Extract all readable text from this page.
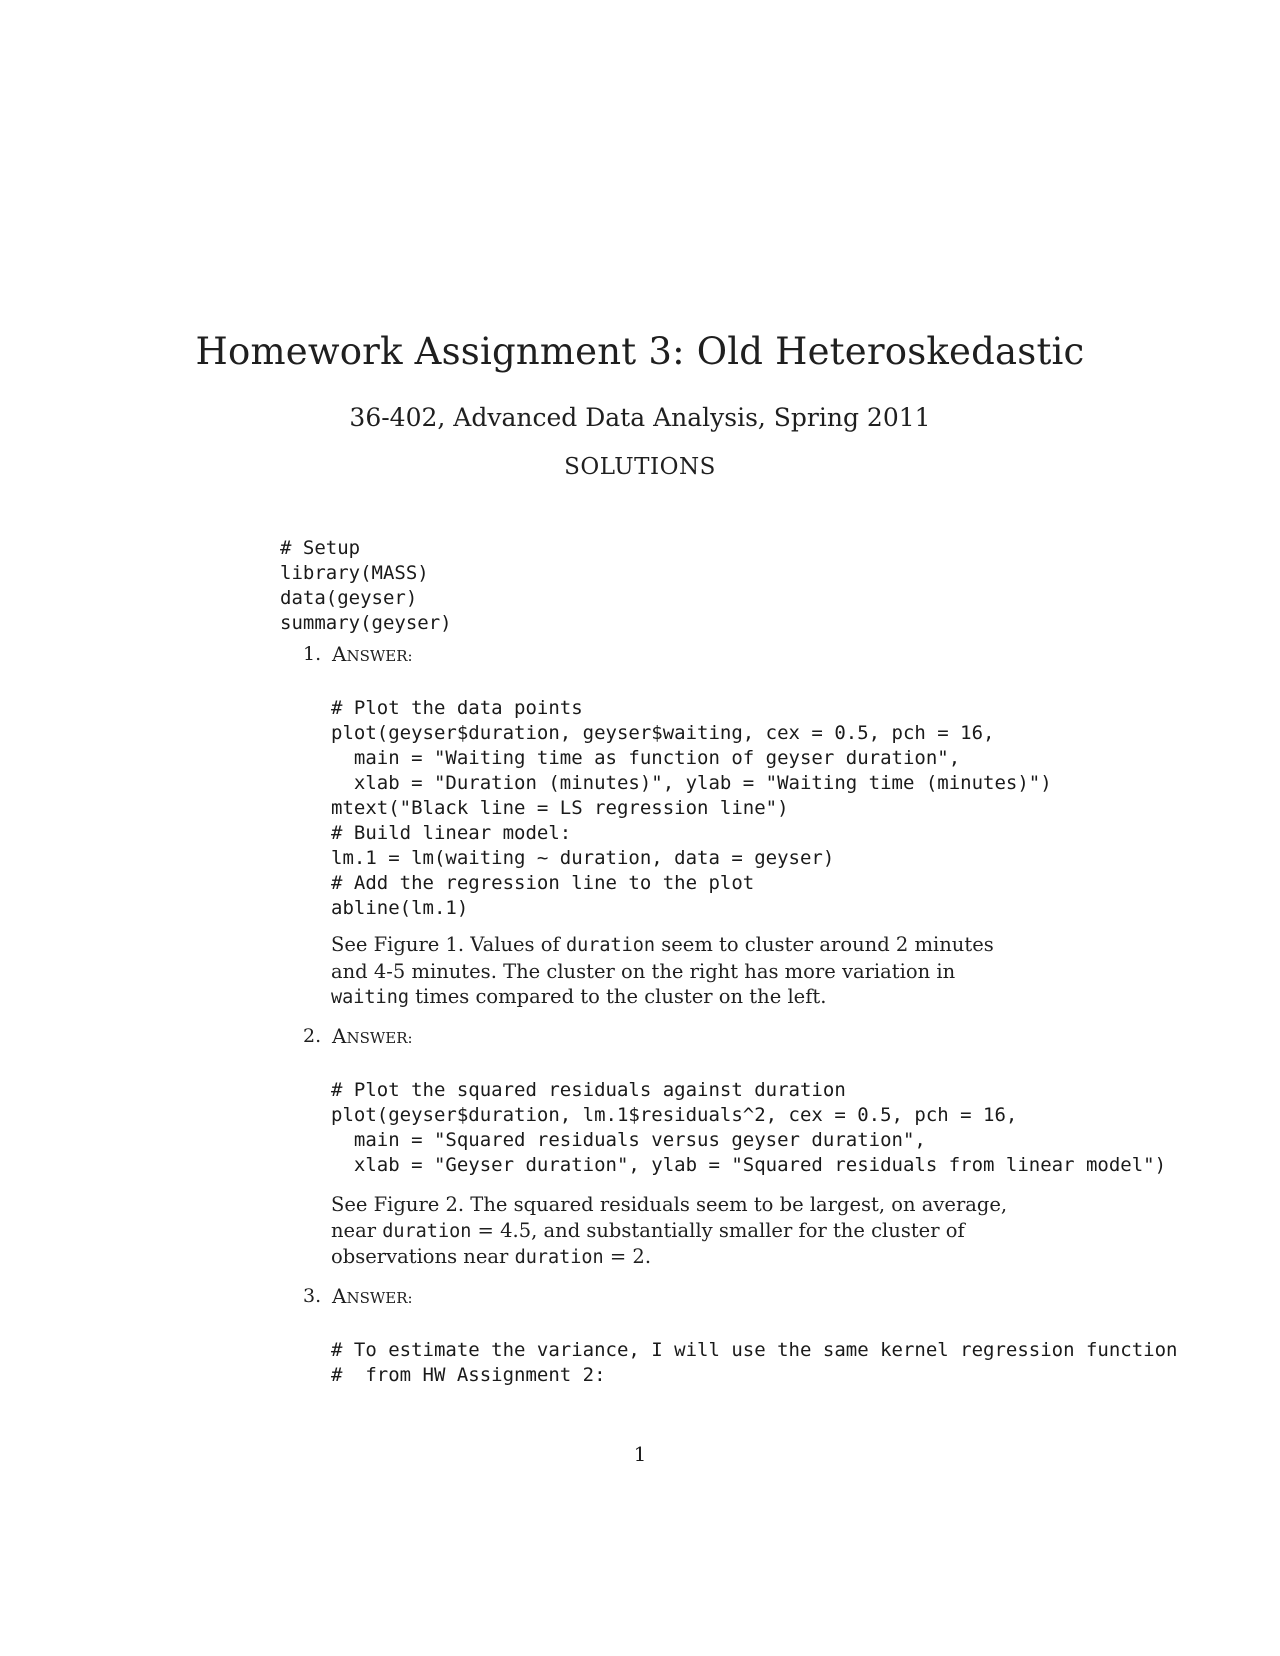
Homework Assignment 3: Old Heteroskedastic
36-402, Advanced Data Analysis, Spring 2011
SOLUTIONS
# Setup
library(MASS)
data(geyser)
summary(geyser)
1. ANSWER:
# Plot the data points
plot(geyser$duration, geyser$waiting, cex = 0.5, pch = 16,
main = "Waiting time as function of geyser duration",
xlab = "Duration (minutes)", ylab = "Waiting time (minutes)")
mtext("Black line = LS regression line")
# Build linear model:
lm.1 = lm(waiting ~ duration, data = geyser)
# Add the regression line to the plot
abline(lm.1)

See Figure 1. Values of duration seem to cluster around 2 minutes and 4-5 minutes. The cluster on the right has more variation in waiting times compared to the cluster on the left.

2. ANSWER:
# Plot the squared residuals against duration
plot(geyser$duration, lm.1$residuals^2, cex = 0.5, pch = 16,
main = "Squared residuals versus geyser duration",
xlab = "Geyser duration", ylab = "Squared residuals from linear model")

See Figure 2. The squared residuals seem to be largest, on average, near duration = 4.5, and substantially smaller for the cluster of observations near duration = 2.

3. ANSWER:
# To estimate the variance, I will use the same kernel regression function
#  from HW Assignment 2:
1
